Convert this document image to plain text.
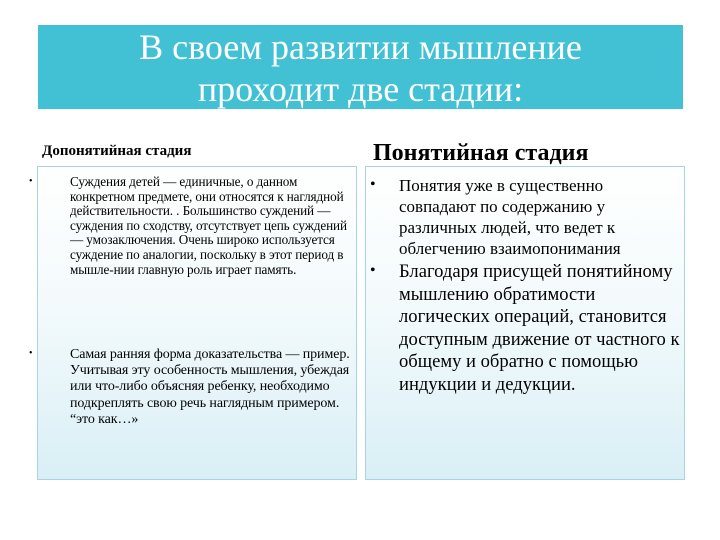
В своем развитии мышление
проходит две стадии:
Допонятийная стадия	Понятийная стадия
•	Суждения детей — единичные, о данном конкретном предмете, они относятся к наглядной действительности. . Большинство суждений — суждения по сходству, отсутствует цепь суждений — умозаключения. Очень широко используется суждение по аналогии, поскольку в этот период в мышле-нии главную роль играет память.
•	Самая ранняя форма доказательства — пример. Учитывая эту особенность мышления, убеждая или что-либо объясняя ребенку, необходимо подкреплять свою речь наглядным примером. “это как…»
• Понятия уже в существенно совпадают по содержанию у различных людей, что ведет к облегчению взаимопонимания
• Благодаря присущей понятийному мышлению обратимости логических операций, становится доступным движение от частного к общему и обратно с помощью индукции и дедукции.
